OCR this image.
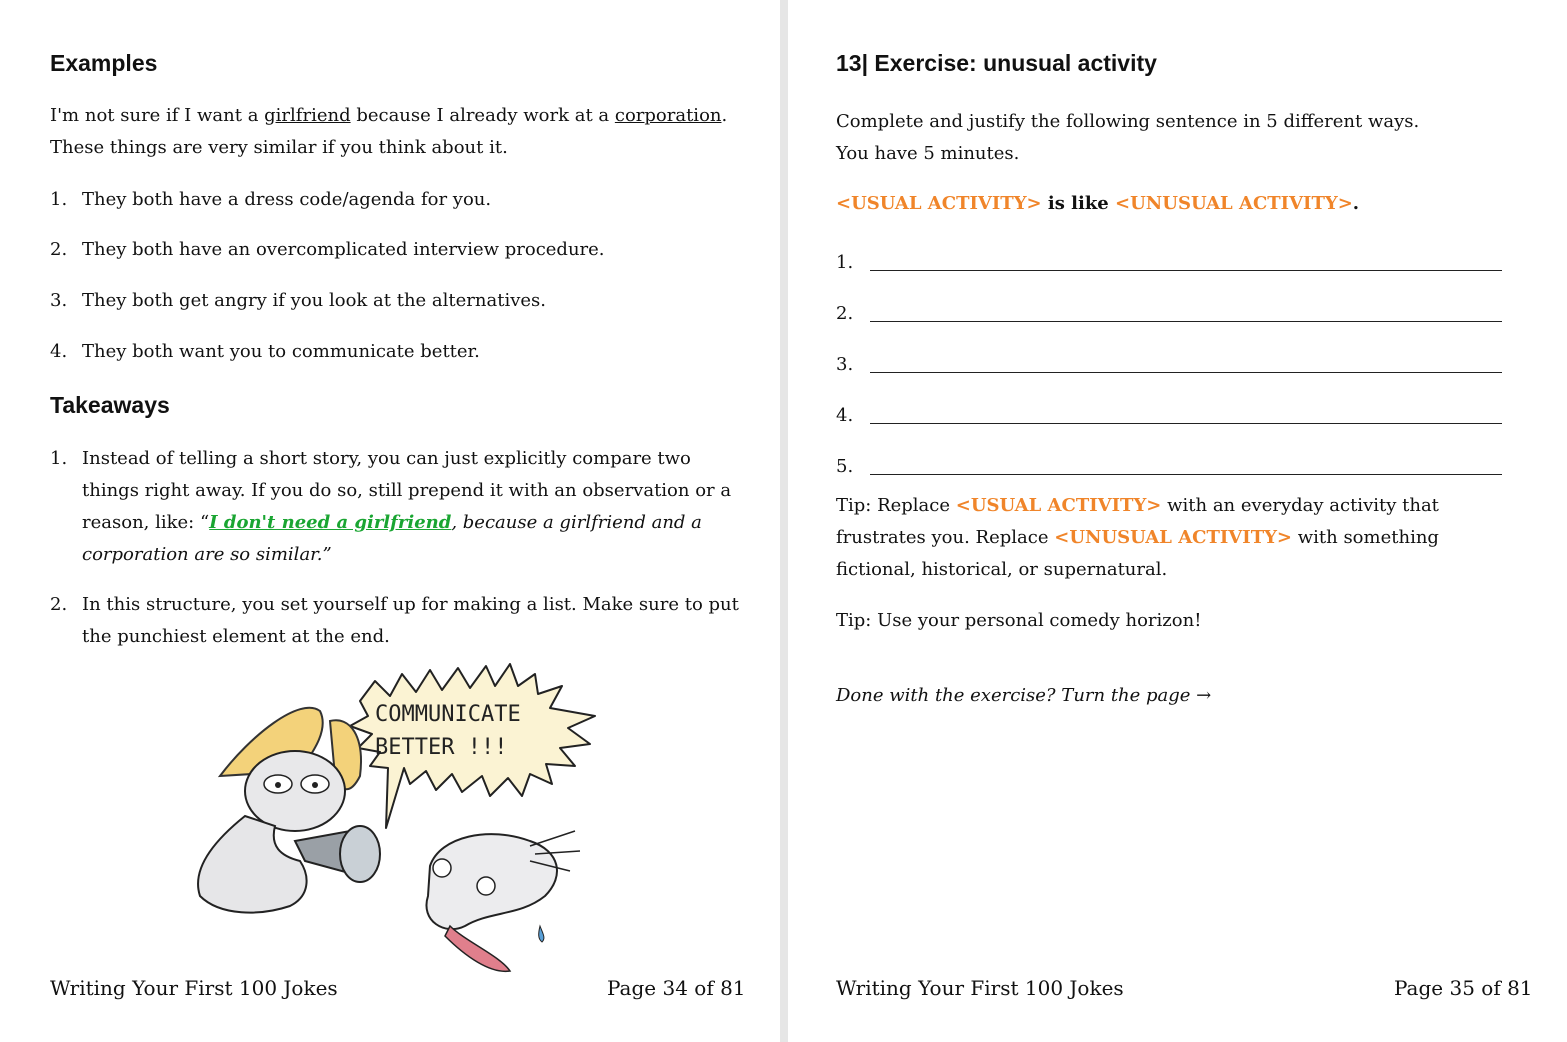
Examples

I'm not sure if I want a girlfriend because I already work at a corporation.
These things are very similar if you think about it.

1. They both have a dress code/agenda for you.
2. They both have an overcomplicated interview procedure.
3. They both get angry if you look at the alternatives.
4. They both want you to communicate better.
Takeaways
1. Instead of telling a short story, you can just explicitly compare two
things right away. If you do so, still prepend it with an observation or a
reason, like: “I don't need a girlfriend, because a girlfriend and a
corporation are so similar.”
2. In this structure, you set yourself up for making a list. Make sure to put
the punchiest element at the end.
COMMUNICATE
BETTER !!!
Writing Your First 100 Jokes	Page 34 of 81
13| Exercise: unusual activity

Complete and justify the following sentence in 5 different ways.
You have 5 minutes.

<USUAL ACTIVITY> is like <UNUSUAL ACTIVITY>.

1.
2.
3.
4.
5.

Tip: Replace <USUAL ACTIVITY> with an everyday activity that
frustrates you. Replace <UNUSUAL ACTIVITY> with something
fictional, historical, or supernatural.

Tip: Use your personal comedy horizon!

Done with the exercise? Turn the page →

Writing Your First 100 Jokes	Page 35 of 81
